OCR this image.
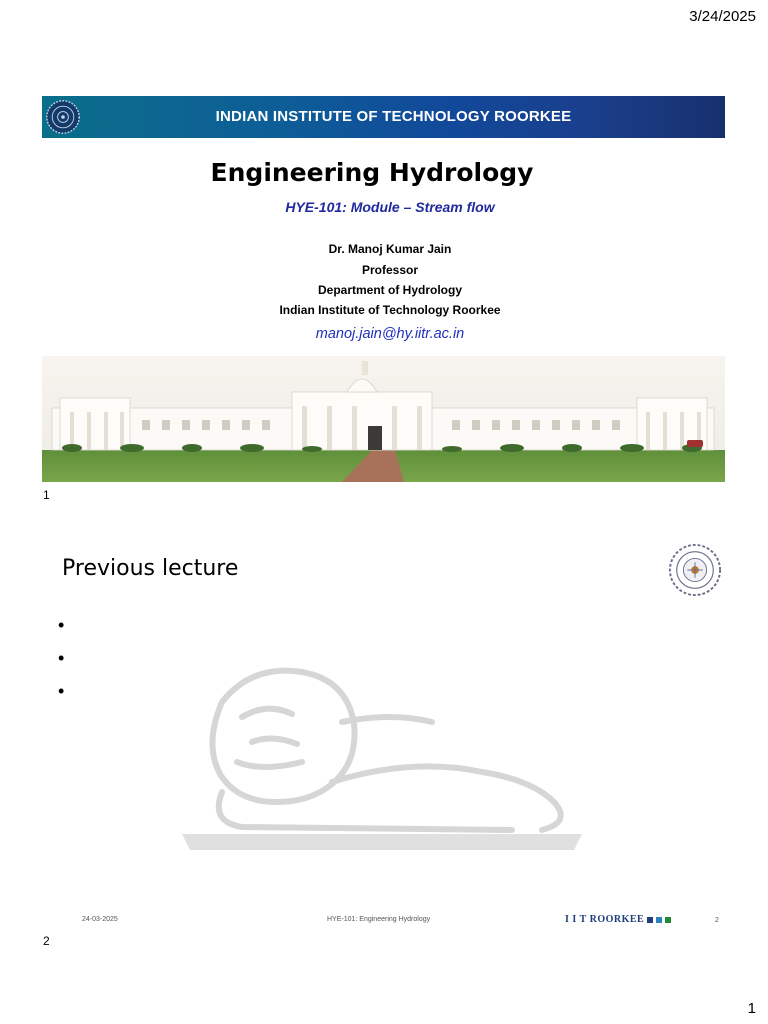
3/24/2025
INDIAN INSTITUTE OF TECHNOLOGY ROORKEE
Engineering Hydrology
HYE-101: Module – Stream flow
Dr. Manoj Kumar Jain
Professor
Department of Hydrology
Indian Institute of Technology Roorkee
manoj.jain@hy.iitr.ac.in
1
Previous lecture
•
•
•
24-03-2025	HYE-101: Engineering Hydrology	I I T ROORKEE	2
2
1
